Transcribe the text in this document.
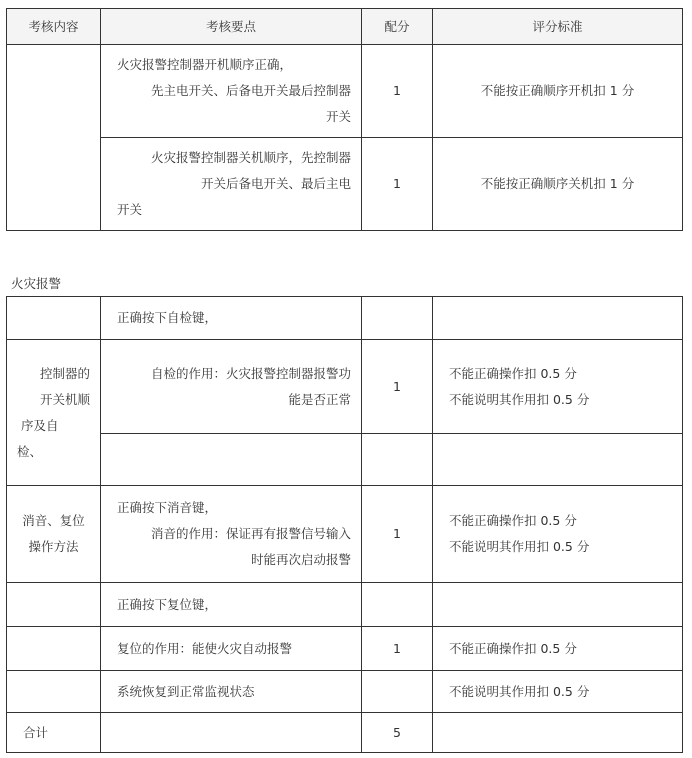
考核内容	考核要点	配分	评分标准

	火灾报警控制器开机顺序正确，
先主电开关、后备电开关最后控制器
开关	1	不能按正确顺序开机扣 1 分

	火灾报警控制器关机顺序，先控制器
开关后备电开关、最后主电
开关	1	不能按正确顺序关机扣 1 分
火灾报警
	正确按下自检键，		

控制器的
开关机顺
序及自
检、	自检的作用：火灾报警控制器报警功
能是否正常	1	不能正确操作扣 0.5 分
不能说明其作用扣 0.5 分

消音、复位
操作方法	正确按下消音键，
消音的作用：保证再有报警信号输入
时能再次启动报警	1	不能正确操作扣 0.5 分
不能说明其作用扣 0.5 分

	正确按下复位键，		
	复位的作用：能使火灾自动报警	1	不能正确操作扣 0.5 分
	系统恢复到正常监视状态		不能说明其作用扣 0.5 分
合计		5	
